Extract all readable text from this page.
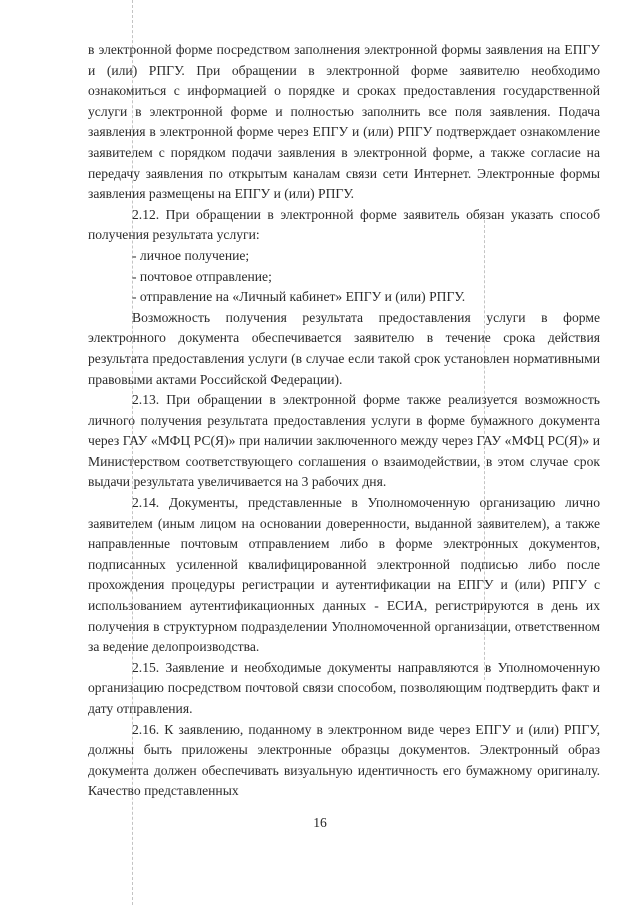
в электронной форме посредством заполнения электронной формы заявления на ЕПГУ и (или) РПГУ. При обращении в электронной форме заявителю необходимо ознакомиться с информацией о порядке и сроках предоставления государственной услуги в электронной форме и полностью заполнить все поля заявления. Подача заявления в электронной форме через ЕПГУ и (или) РПГУ подтверждает ознакомление заявителем с порядком подачи заявления в электронной форме, а также согласие на передачу заявления по открытым каналам связи сети Интернет. Электронные формы заявления размещены на ЕПГУ и (или) РПГУ.

2.12. При обращении в электронной форме заявитель обязан указать способ получения результата услуги:

- личное получение;

- почтовое отправление;

- отправление на «Личный кабинет» ЕПГУ и (или) РПГУ.

Возможность получения результата предоставления услуги в форме электронного документа обеспечивается заявителю в течение срока действия результата предоставления услуги (в случае если такой срок установлен нормативными правовыми актами Российской Федерации).

2.13. При обращении в электронной форме также реализуется возможность личного получения результата предоставления услуги в форме бумажного документа через ГАУ «МФЦ РС(Я)» при наличии заключенного между через ГАУ «МФЦ РС(Я)» и Министерством соответствующего соглашения о взаимодействии, в этом случае срок выдачи результата увеличивается на 3 рабочих дня.

2.14. Документы, представленные в Уполномоченную организацию лично заявителем (иным лицом на основании доверенности, выданной заявителем), а также направленные почтовым отправлением либо в форме электронных документов, подписанных усиленной квалифицированной электронной подписью либо после прохождения процедуры регистрации и аутентификации на ЕПГУ и (или) РПГУ с использованием аутентификационных данных - ЕСИА, регистрируются в день их получения в структурном подразделении Уполномоченной организации, ответственном за ведение делопроизводства.

2.15. Заявление и необходимые документы направляются в Уполномоченную организацию посредством почтовой связи способом, позволяющим подтвердить факт и дату отправления.

2.16. К заявлению, поданному в электронном виде через ЕПГУ и (или) РПГУ, должны быть приложены электронные образцы документов. Электронный образ документа должен обеспечивать визуальную идентичность его бумажному оригиналу. Качество представленных

16
